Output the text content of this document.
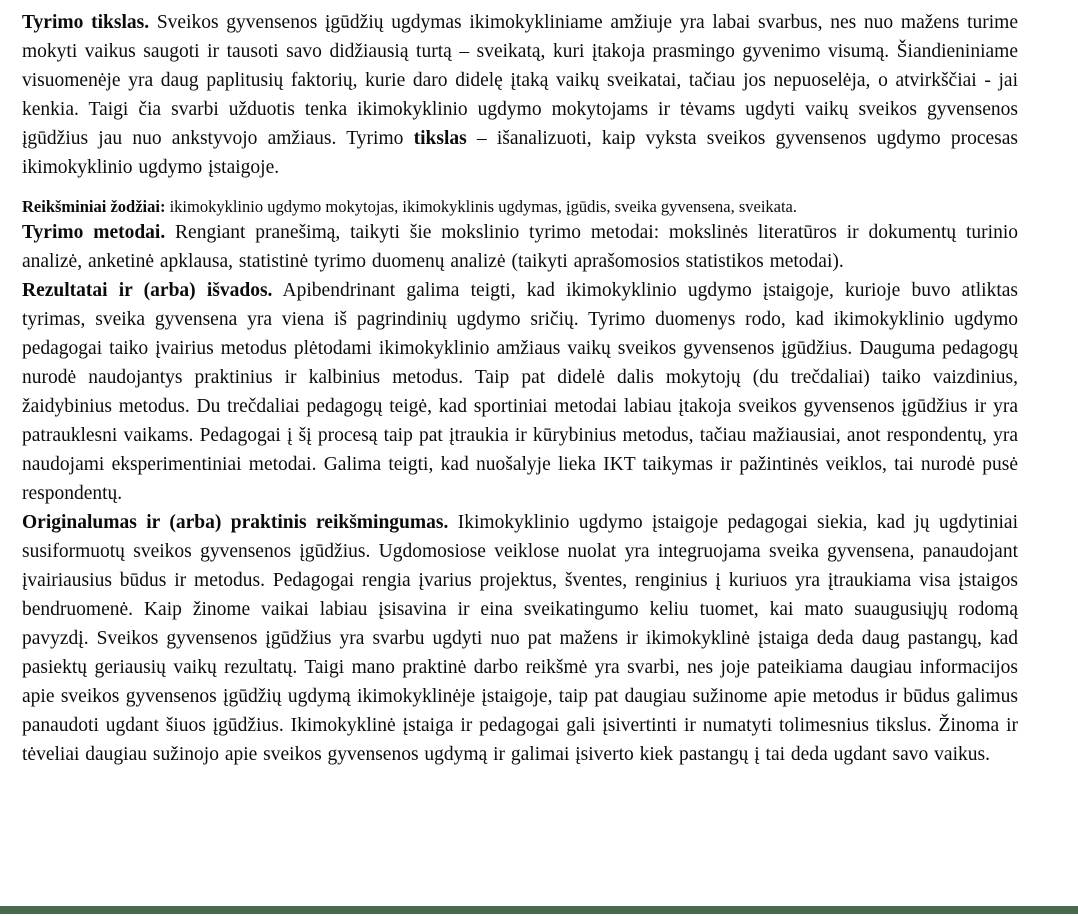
Tyrimo tikslas. Sveikos gyvensenos įgūdžių ugdymas ikimokykliniame amžiuje yra labai svarbus, nes nuo mažens turime mokyti vaikus saugoti ir tausoti savo didžiausią turtą – sveikatą, kuri įtakoja prasmingo gyvenimo visumą. Šiandieniniame visuomenėje yra daug paplitusių faktorių, kurie daro didelę įtaką vaikų sveikatai, tačiau jos nepuoselėja, o atvirkščiai - jai kenkia. Taigi čia svarbi užduotis tenka ikimokyklinio ugdymo mokytojams ir tėvams ugdyti vaikų sveikos gyvensenos įgūdžius jau nuo ankstyvojo amžiaus. Tyrimo tikslas – išanalizuoti, kaip vyksta sveikos gyvensenos ugdymo procesas ikimokyklinio ugdymo įstaigoje.

Reikšminiai žodžiai: ikimokyklinio ugdymo mokytojas, ikimokyklinis ugdymas, įgūdis, sveika gyvensena, sveikata.

Tyrimo metodai. Rengiant pranešimą, taikyti šie mokslinio tyrimo metodai: mokslinės literatūros ir dokumentų turinio analizė, anketinė apklausa, statistinė tyrimo duomenų analizė (taikyti aprašomosios statistikos metodai).

Rezultatai ir (arba) išvados. Apibendrinant galima teigti, kad ikimokyklinio ugdymo įstaigoje, kurioje buvo atliktas tyrimas, sveika gyvensena yra viena iš pagrindinių ugdymo sričių. Tyrimo duomenys rodo, kad ikimokyklinio ugdymo pedagogai taiko įvairius metodus plėtodami ikimokyklinio amžiaus vaikų sveikos gyvensenos įgūdžius. Dauguma pedagogų nurodė naudojantys praktinius ir kalbinius metodus. Taip pat didelė dalis mokytojų (du trečdaliai) taiko vaizdinius, žaidybinius metodus. Du trečdaliai pedagogų teigė, kad sportiniai metodai labiau įtakoja sveikos gyvensenos įgūdžius ir yra patrauklesni vaikams. Pedagogai į šį procesą taip pat įtraukia ir kūrybinius metodus, tačiau mažiausiai, anot respondentų, yra naudojami eksperimentiniai metodai. Galima teigti, kad nuošalyje lieka IKT taikymas ir pažintinės veiklos, tai nurodė pusė respondentų.

Originalumas ir (arba) praktinis reikšmingumas. Ikimokyklinio ugdymo įstaigoje pedagogai siekia, kad jų ugdytiniai susiformuotų sveikos gyvensenos įgūdžius. Ugdomosiose veiklose nuolat yra integruojama sveika gyvensena, panaudojant įvairiausius būdus ir metodus. Pedagogai rengia įvarius projektus, šventes, renginius į kuriuos yra įtraukiama visa įstaigos bendruomenė. Kaip žinome vaikai labiau įsisavina ir eina sveikatingumo keliu tuomet, kai mato suaugusiųjų rodomą pavyzdį. Sveikos gyvensenos įgūdžius yra svarbu ugdyti nuo pat mažens ir ikimokyklinė įstaiga deda daug pastangų, kad pasiektų geriausių vaikų rezultatų. Taigi mano praktinė darbo reikšmė yra svarbi, nes joje pateikiama daugiau informacijos apie sveikos gyvensenos įgūdžių ugdymą ikimokyklinėje įstaigoje, taip pat daugiau sužinome apie metodus ir būdus galimus panaudoti ugdant šiuos įgūdžius. Ikimokyklinė įstaiga ir pedagogai gali įsivertinti ir numatyti tolimesnius tikslus. Žinoma ir tėveliai daugiau sužinojo apie sveikos gyvensenos ugdymą ir galimai įsiverto kiek pastangų į tai deda ugdant savo vaikus.
